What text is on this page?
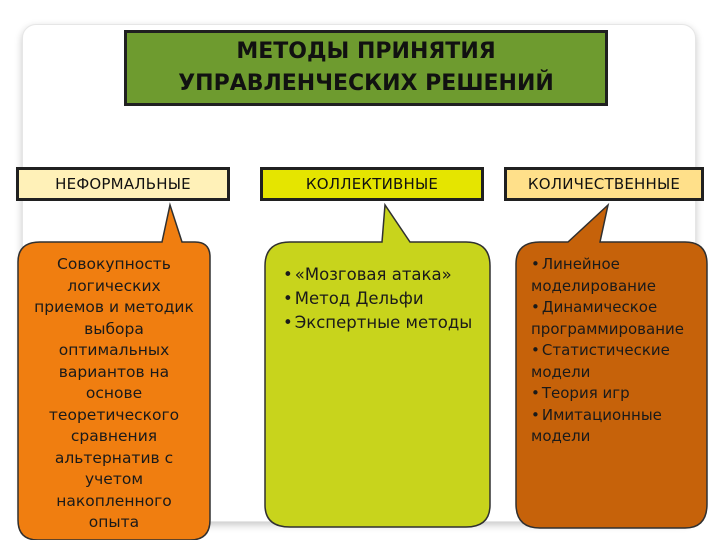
МЕТОДЫ ПРИНЯТИЯ
УПРАВЛЕНЧЕСКИХ РЕШЕНИЙ
НЕФОРМАЛЬНЫЕ	КОЛЛЕКТИВНЫЕ	КОЛИЧЕСТВЕННЫЕ
Совокупность
логических
приемов и методик
выбора
оптимальных
вариантов на
основе
теоретического
сравнения
альтернатив с
учетом
накопленного
опыта
• «Мозговая атака»
• Метод Дельфи
• Экспертные методы
• Линейное моделирование
• Динамическое программирование
• Статистические модели
• Теория игр
• Имитационные модели
